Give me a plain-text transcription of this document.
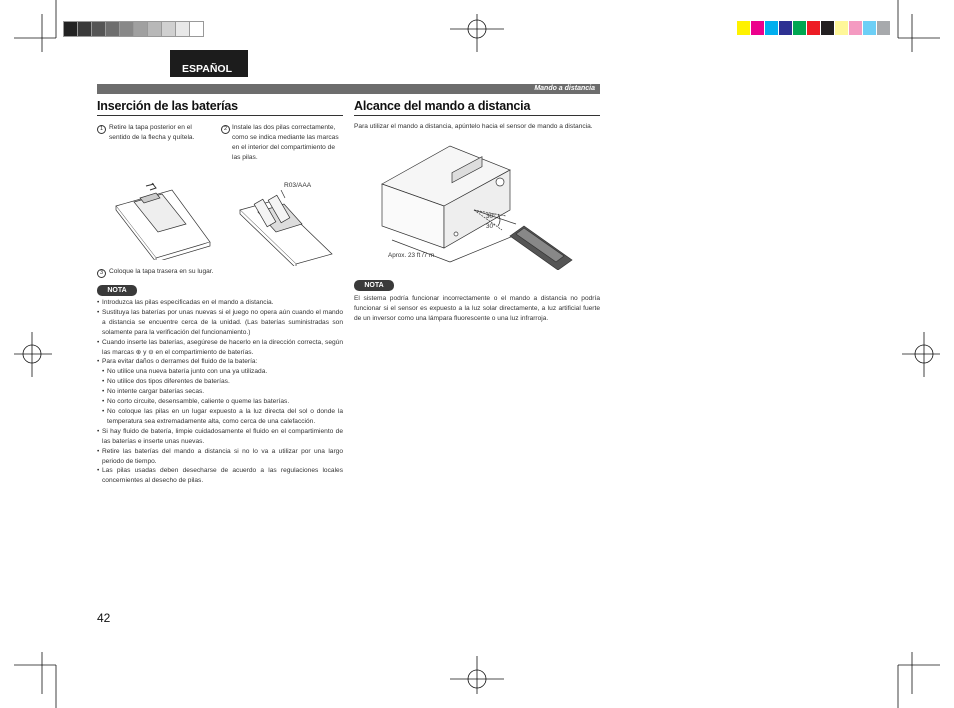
ESPAÑOL
Mando a distancia
Inserción de las baterías
1 Retire la tapa posterior en el sentido de la flecha y quítela.
2 Instale las dos pilas correctamente, como se indica mediante las marcas en el interior del compartimiento de las pilas.
R03/AAA
3 Coloque la tapa trasera en su lugar.
NOTA
• Introduzca las pilas especificadas en el mando a distancia.
• Sustituya las baterías por unas nuevas si el juego no opera aún cuando el mando a distancia se encuentre cerca de la unidad. (Las baterías suministradas son solamente para la verificación del funcionamiento.)
• Cuando inserte las baterías, asegúrese de hacerlo en la dirección correcta, según las marcas ⊕ y ⊖ en el compartimiento de baterías.
• Para evitar daños o derrames del fluido de la batería:
• No utilice una nueva batería junto con una ya utilizada.
• No utilice dos tipos diferentes de baterías.
• No intente cargar baterías secas.
• No corto circuite, desensamble, caliente o queme las baterías.
• No coloque las pilas en un lugar expuesto a la luz directa del sol o donde la temperatura sea extremadamente alta, como cerca de una calefacción.
• Si hay fluido de batería, limpie cuidadosamente el fluido en el compartimiento de las baterías e inserte unas nuevas.
• Retire las baterías del mando a distancia si no lo va a utilizar por una largo periodo de tiempo.
• Las pilas usadas deben desecharse de acuerdo a las regulaciones locales concernientes al desecho de pilas.
Alcance del mando a distancia
Para utilizar el mando a distancia, apúntelo hacia el sensor de mando a distancia.
30°
30°
Aprox. 23 ft /7 m
NOTA
El sistema podría funcionar incorrectamente o el mando a distancia no podría funcionar si el sensor es expuesto a la luz solar directamente, a luz artificial fuerte de un inversor como una lámpara fluorescente o una luz infrarroja.
42
